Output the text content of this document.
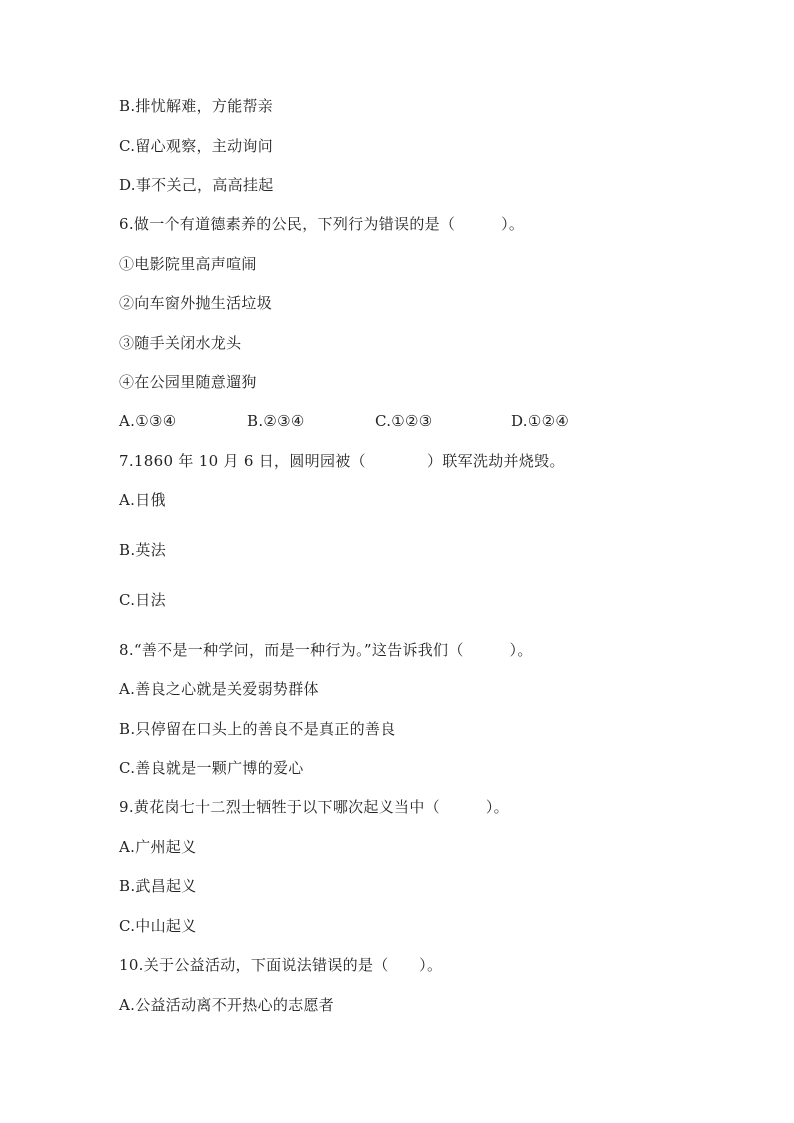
B.排忧解难，方能帮亲
C.留心观察，主动询问
D.事不关己，高高挂起
6.做一个有道德素养的公民，下列行为错误的是（　　　）。
①电影院里高声喧闹
②向车窗外抛生活垃圾
③随手关闭水龙头
④在公园里随意遛狗
A.①③④	B.②③④	C.①②③	D.①②④
7.1860 年 10 月 6 日，圆明园被（　　　　）联军洗劫并烧毁。
A.日俄
B.英法
C.日法
8.“善不是一种学问，而是一种行为。”这告诉我们（　　　）。
A.善良之心就是关爱弱势群体
B.只停留在口头上的善良不是真正的善良
C.善良就是一颗广博的爱心
9.黄花岗七十二烈士牺牲于以下哪次起义当中（　　　）。
A.广州起义
B.武昌起义
C.中山起义
10.关于公益活动，下面说法错误的是（　　）。
A.公益活动离不开热心的志愿者
